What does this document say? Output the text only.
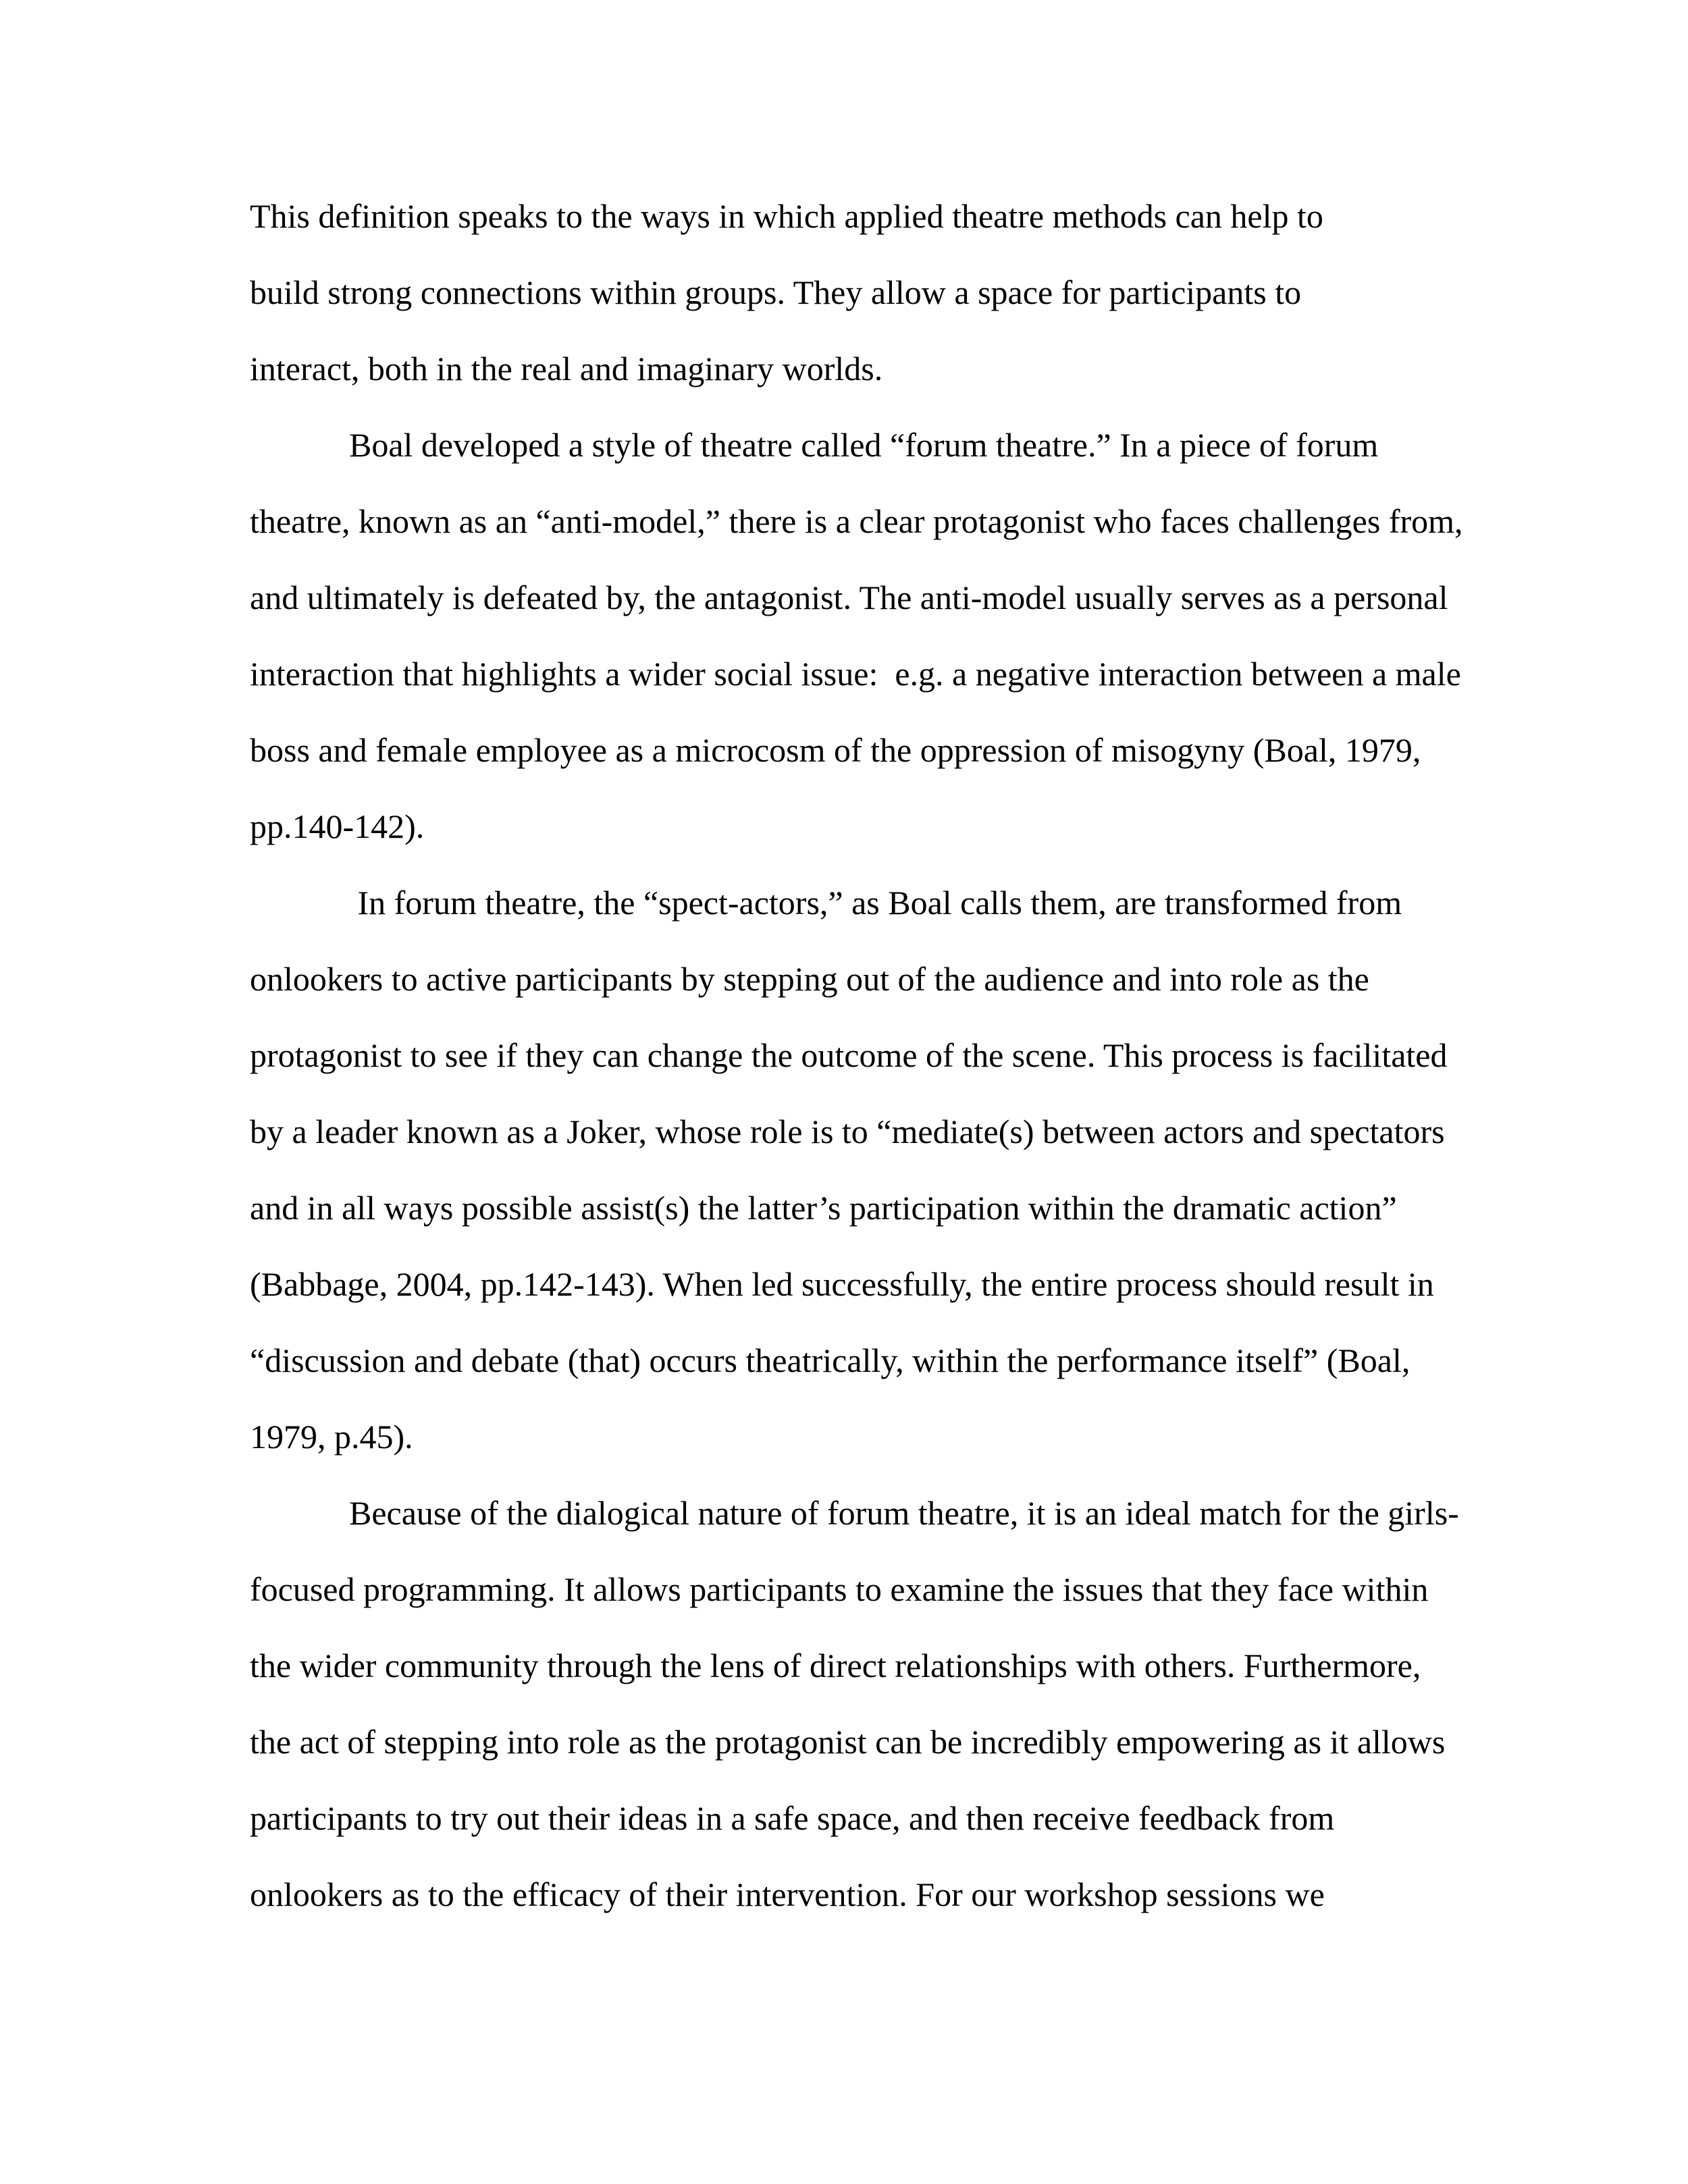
This definition speaks to the ways in which applied theatre methods can help to
build strong connections within groups. They allow a space for participants to
interact, both in the real and imaginary worlds.
Boal developed a style of theatre called “forum theatre.” In a piece of forum
theatre, known as an “anti-model,” there is a clear protagonist who faces challenges from,
and ultimately is defeated by, the antagonist. The anti-model usually serves as a personal
interaction that highlights a wider social issue:  e.g. a negative interaction between a male
boss and female employee as a microcosm of the oppression of misogyny (Boal, 1979,
pp.140-142).
In forum theatre, the “spect-actors,” as Boal calls them, are transformed from
onlookers to active participants by stepping out of the audience and into role as the
protagonist to see if they can change the outcome of the scene. This process is facilitated
by a leader known as a Joker, whose role is to “mediate(s) between actors and spectators
and in all ways possible assist(s) the latter’s participation within the dramatic action”
(Babbage, 2004, pp.142-143). When led successfully, the entire process should result in
“discussion and debate (that) occurs theatrically, within the performance itself” (Boal,
1979, p.45).
Because of the dialogical nature of forum theatre, it is an ideal match for the girls-
focused programming. It allows participants to examine the issues that they face within
the wider community through the lens of direct relationships with others. Furthermore,
the act of stepping into role as the protagonist can be incredibly empowering as it allows
participants to try out their ideas in a safe space, and then receive feedback from
onlookers as to the efficacy of their intervention. For our workshop sessions we
